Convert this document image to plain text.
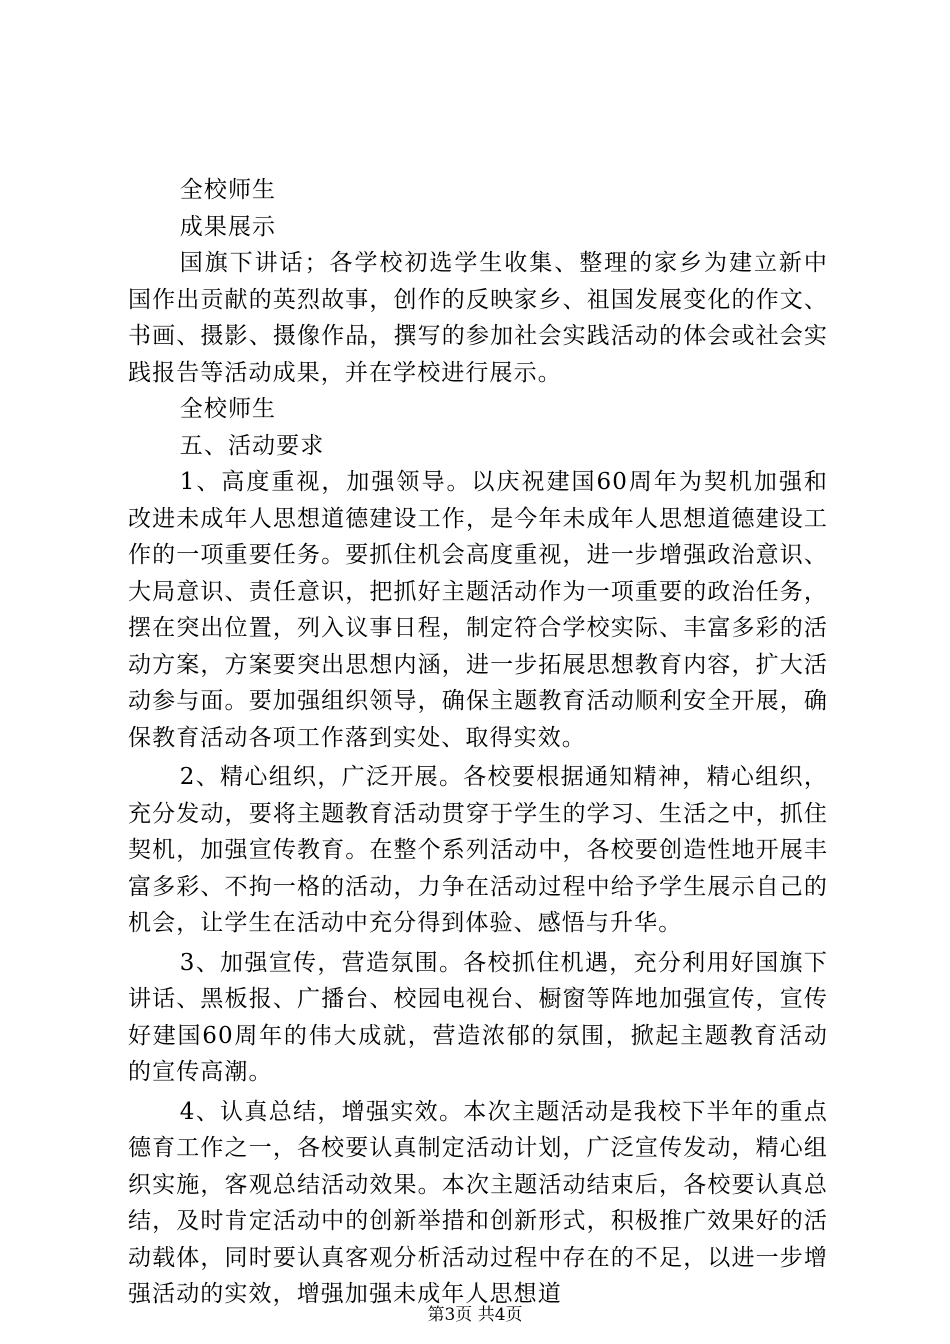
全校师生

成果展示

国旗下讲话；各学校初选学生收集、整理的家乡为建立新中国作出贡献的英烈故事，创作的反映家乡、祖国发展变化的作文、书画、摄影、摄像作品，撰写的参加社会实践活动的体会或社会实践报告等活动成果，并在学校进行展示。

全校师生

五、活动要求

1、高度重视，加强领导。以庆祝建国60周年为契机加强和改进未成年人思想道德建设工作，是今年未成年人思想道德建设工作的一项重要任务。要抓住机会高度重视，进一步增强政治意识、大局意识、责任意识，把抓好主题活动作为一项重要的政治任务，摆在突出位置，列入议事日程，制定符合学校实际、丰富多彩的活动方案，方案要突出思想内涵，进一步拓展思想教育内容，扩大活动参与面。要加强组织领导，确保主题教育活动顺利安全开展，确保教育活动各项工作落到实处、取得实效。

2、精心组织，广泛开展。各校要根据通知精神，精心组织，充分发动，要将主题教育活动贯穿于学生的学习、生活之中，抓住契机，加强宣传教育。在整个系列活动中，各校要创造性地开展丰富多彩、不拘一格的活动，力争在活动过程中给予学生展示自己的机会，让学生在活动中充分得到体验、感悟与升华。

3、加强宣传，营造氛围。各校抓住机遇，充分利用好国旗下讲话、黑板报、广播台、校园电视台、橱窗等阵地加强宣传，宣传好建国60周年的伟大成就，营造浓郁的氛围，掀起主题教育活动的宣传高潮。

4、认真总结，增强实效。本次主题活动是我校下半年的重点德育工作之一，各校要认真制定活动计划，广泛宣传发动，精心组织实施，客观总结活动效果。本次主题活动结束后，各校要认真总结，及时肯定活动中的创新举措和创新形式，积极推广效果好的活动载体，同时要认真客观分析活动过程中存在的不足，以进一步增强活动的实效，增强加强未成年人思想道

第3页 共4页
